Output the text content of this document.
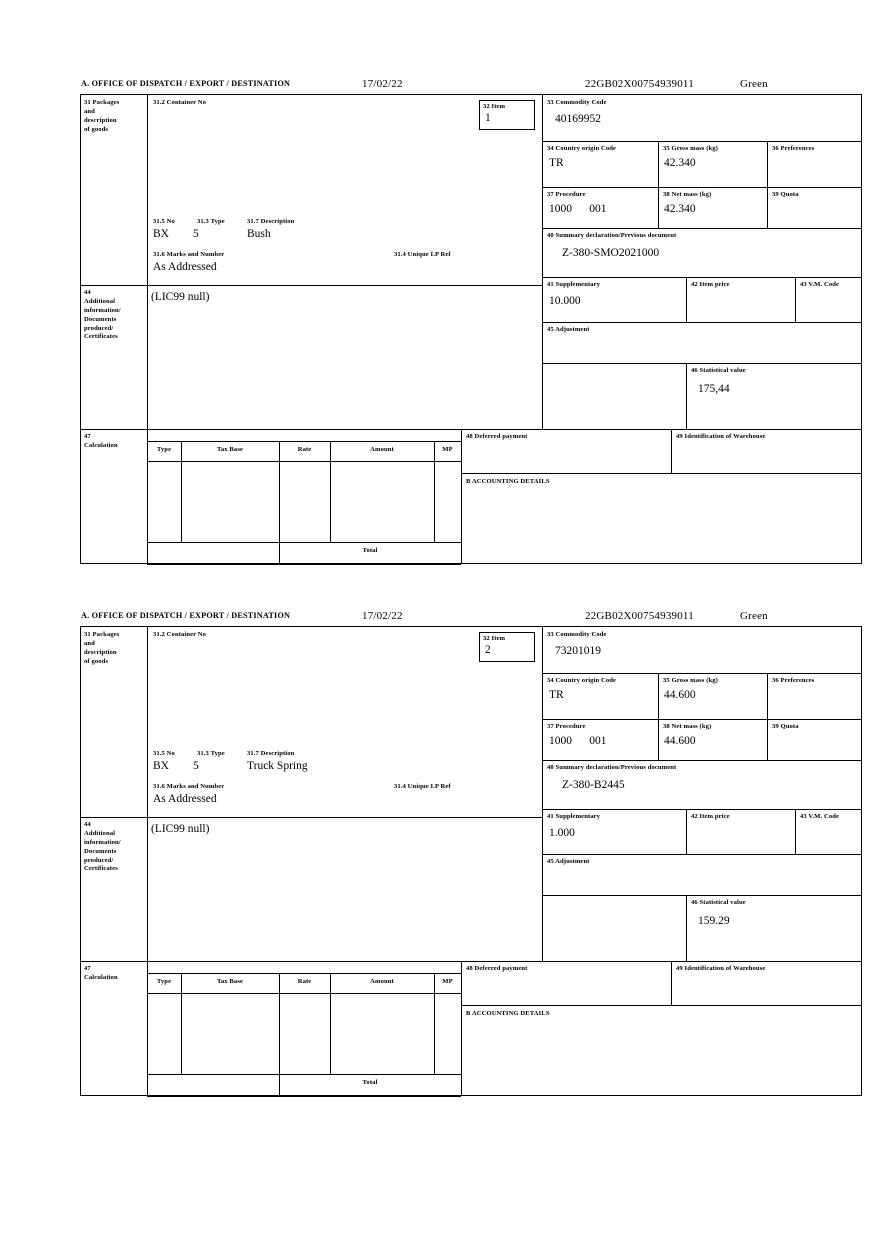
A. OFFICE OF DISPATCH / EXPORT / DESTINATION	17/02/22	22GB02X00754939011	Green
31 Packages
and
description
of goods
31.2 Container No
31.5 No	31.3 Type	31.7 Description
BX 5	Bush
31.6 Marks and Number	31.4 Unique I.P Ref
As Addressed
32 Item
1
33 Commodity Code
40169952
34 Country origin Code
TR
35 Gross mass (kg)
42.340
36 Preferences
37 Procedure
1000      001
38 Net mass (kg)
42.340
39 Quota
40 Summary declaration/Previous document
Z-380-SMO2021000
41 Supplementary
10.000
42 Item price	43 V.M. Code
44
Additional
information/
Documents
produced/
Certificates
(LIC99 null)
45 Adjustment
46 Statistical value
175,44
47
Calculation
Type	Tax Base	Rate	Amount	MP
Total
48 Deferred payment	49 Identification of Warehouse
B ACCOUNTING DETAILS
A. OFFICE OF DISPATCH / EXPORT / DESTINATION	17/02/22	22GB02X00754939011	Green
31 Packages
and
description
of goods
31.2 Container No
31.5 No	31.3 Type	31.7 Description
BX 5	Truck Spring
31.6 Marks and Number	31.4 Unique I.P Ref
As Addressed
32 Item
2
33 Commodity Code
73201019
34 Country origin Code
TR
35 Gross mass (kg)
44.600
36 Preferences
37 Procedure
1000      001
38 Net mass (kg)
44.600
39 Quota
40 Summary declaration/Previous document
Z-380-B2445
41 Supplementary
1.000
42 Item price	43 V.M. Code
44
Additional
information/
Documents
produced/
Certificates
(LIC99 null)
45 Adjustment
46 Statistical value
159.29
47
Calculation
Type	Tax Base	Rate	Amount	MP
Total
48 Deferred payment	49 Identification of Warehouse
B ACCOUNTING DETAILS
